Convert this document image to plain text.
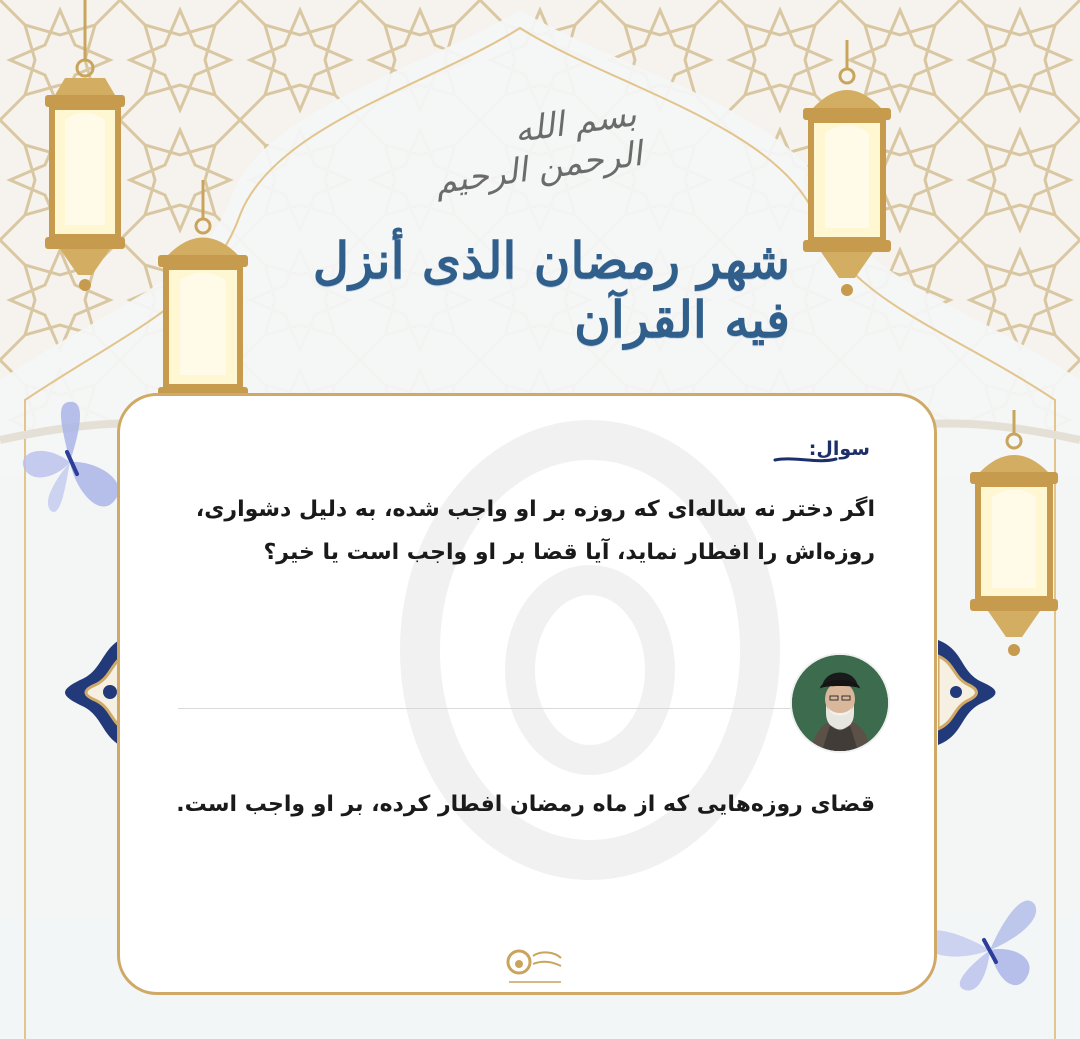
بسم الله الرحمن الرحیم
شهر رمضان الذی أنزل فیه القرآن
سوال:
اگر دختر نه ساله‌ای که روزه بر او واجب شده، به دلیل دشواری، روزه‌اش را افطار نماید، آیا قضا بر او واجب است یا خیر؟
قضای روزه‌هایی که از ماه رمضان افطار کرده، بر او واجب است.
